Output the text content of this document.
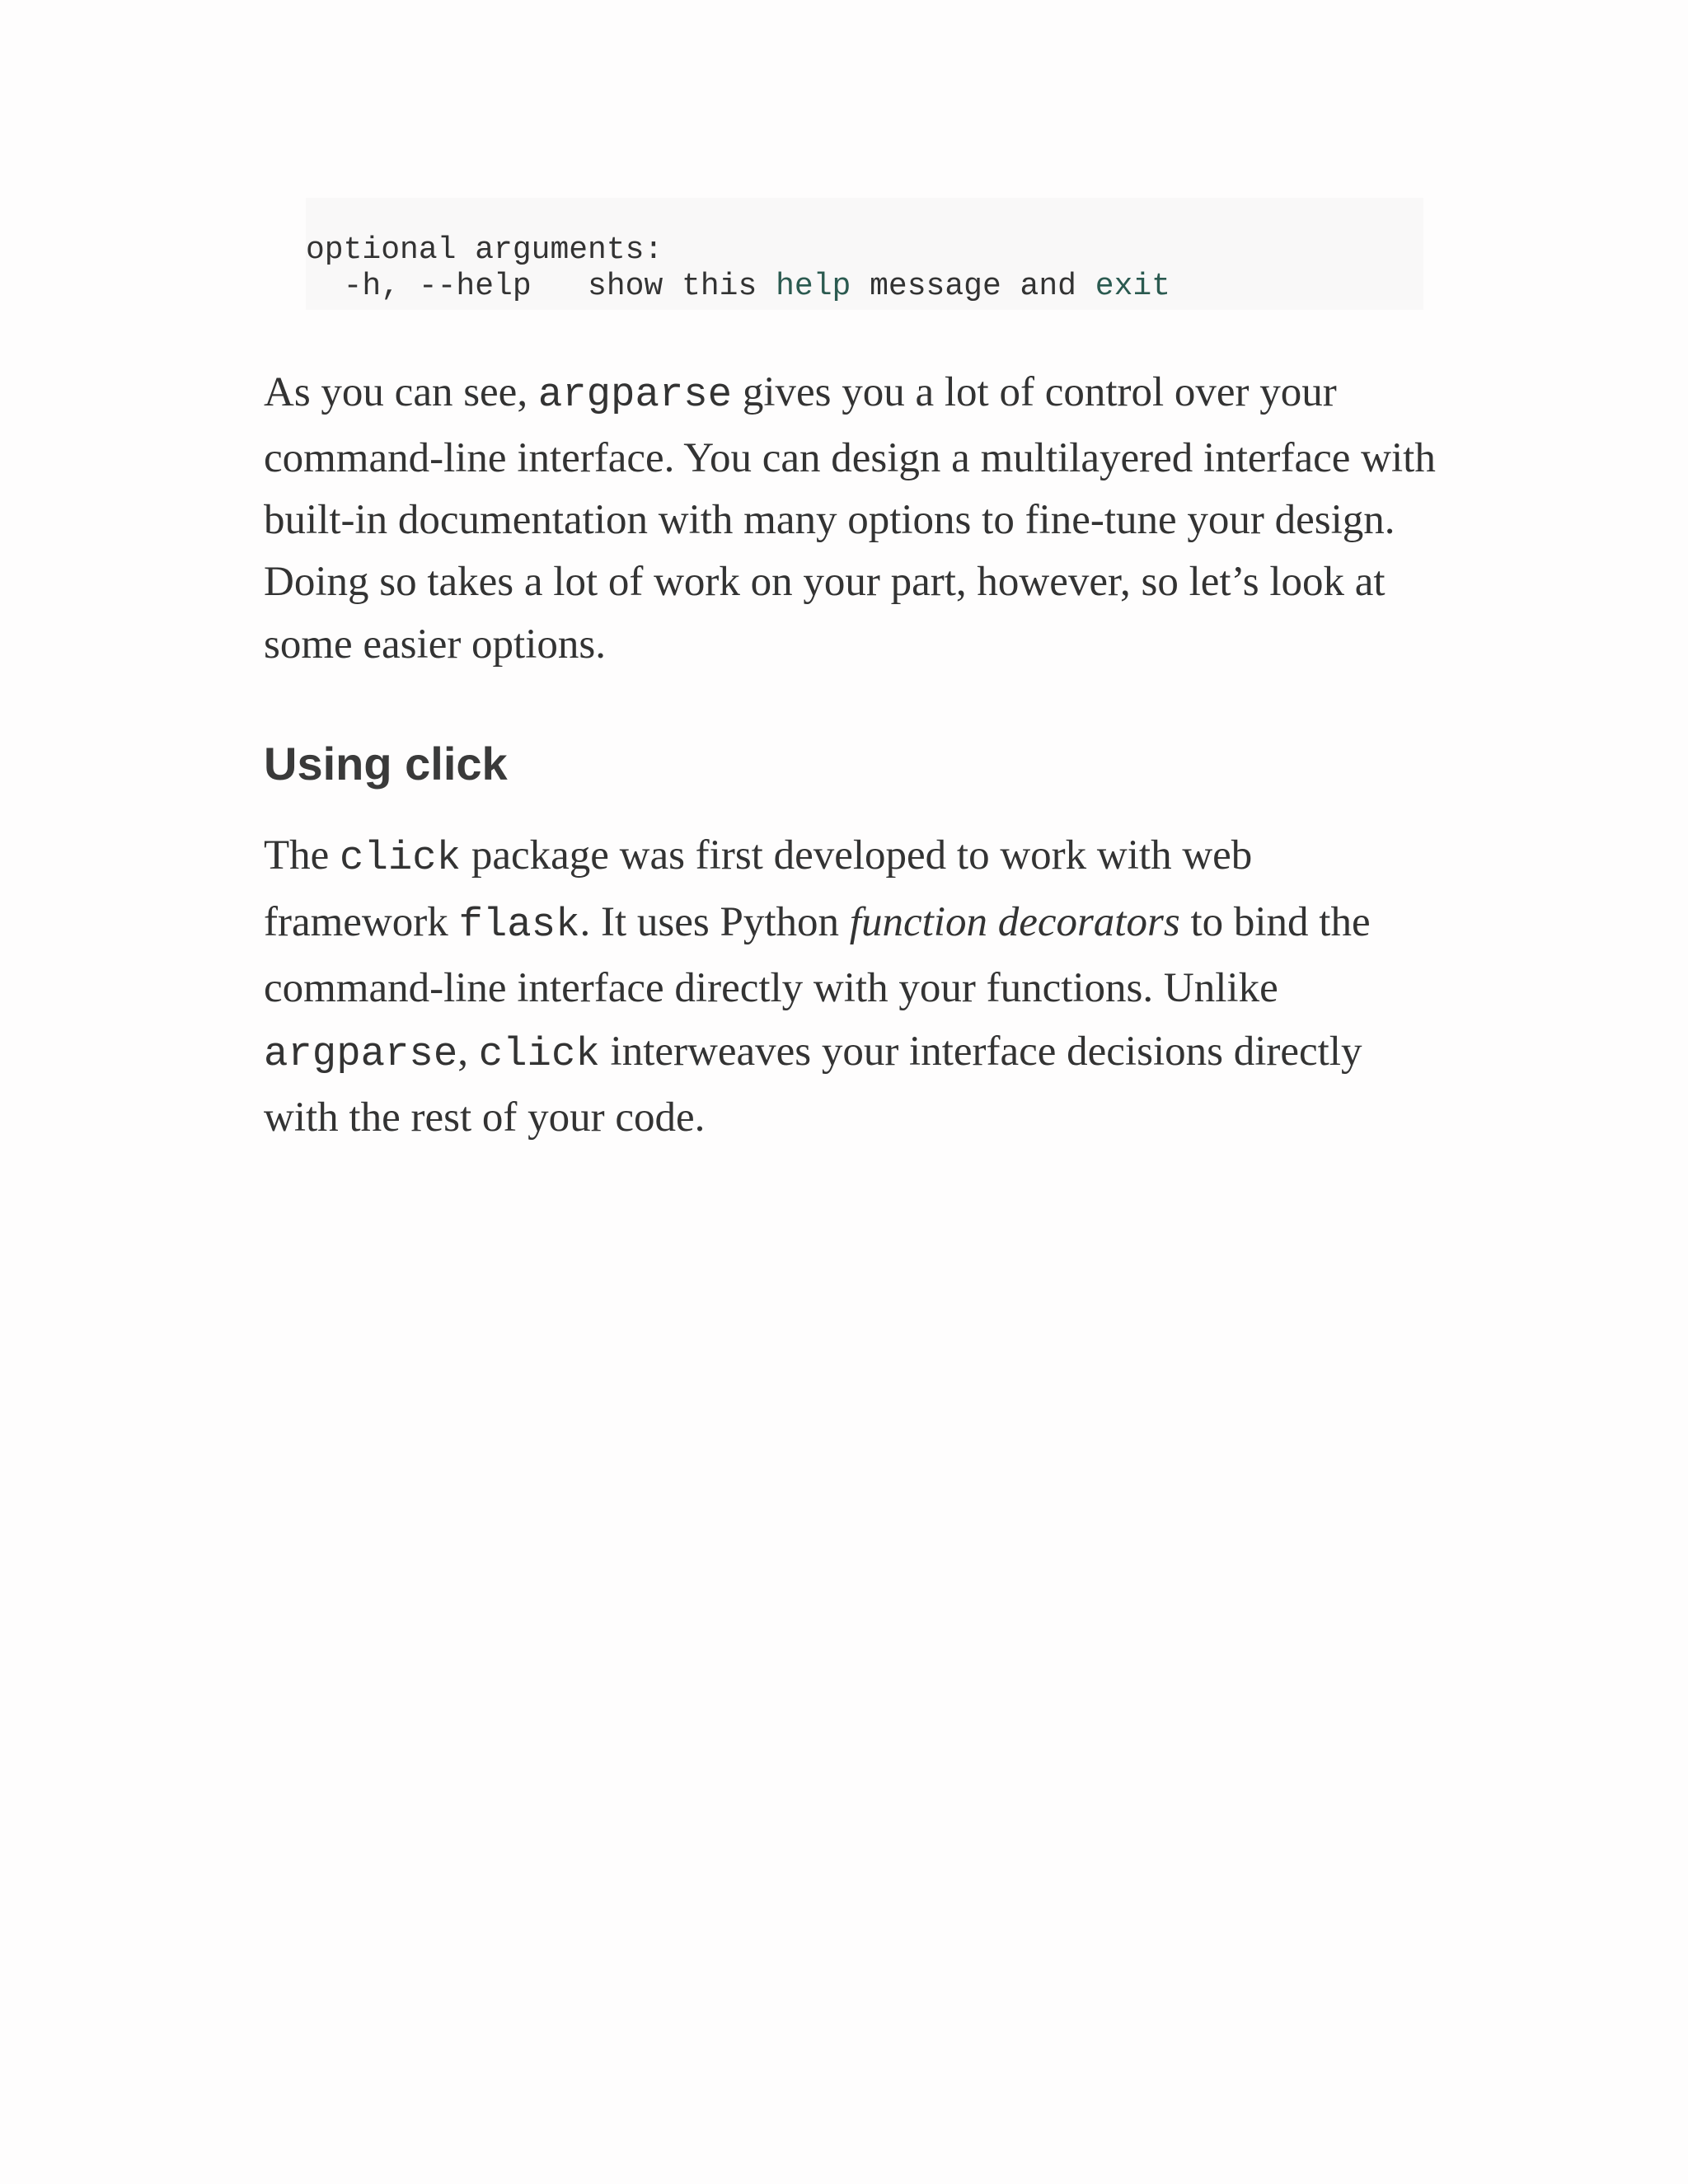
optional arguments:
-h, --help   show this help message and exit
As you can see, argparse gives you a lot of control over your
command-line interface. You can design a multilayered interface with
built-in documentation with many options to fine-tune your design.
Doing so takes a lot of work on your part, however, so let’s look at
some easier options.
Using click
The click package was first developed to work with web
framework flask. It uses Python function decorators to bind the
command-line interface directly with your functions. Unlike
argparse, click interweaves your interface decisions directly
with the rest of your code.
